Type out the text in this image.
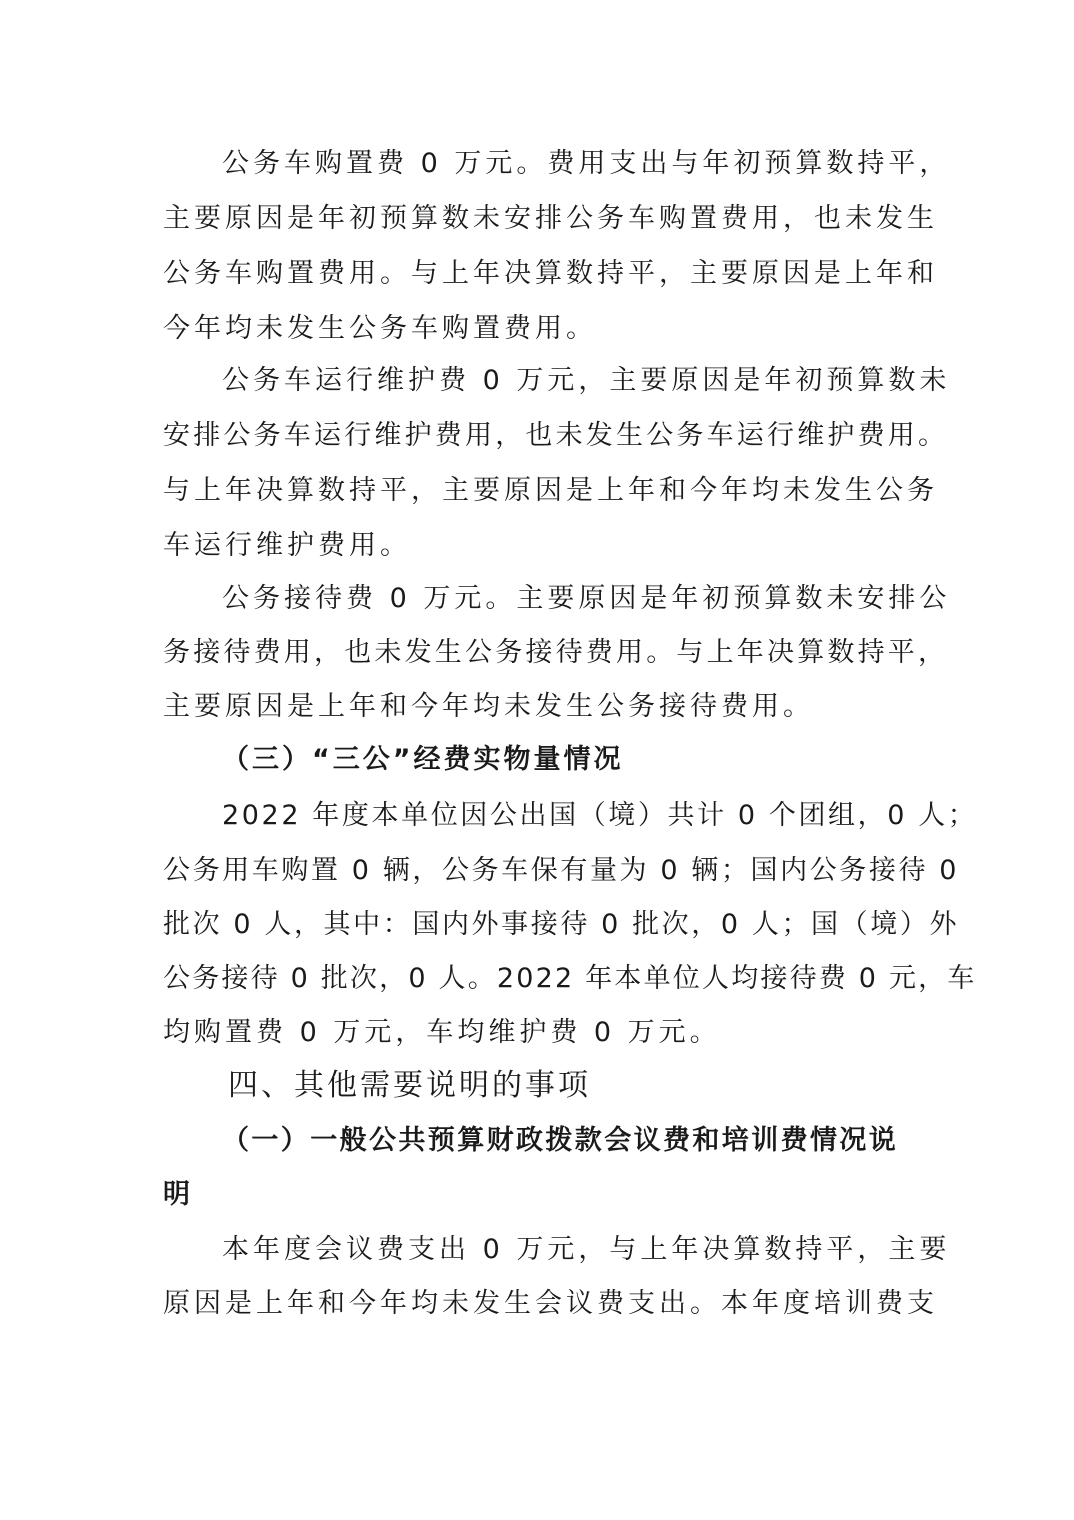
公务车购置费 0 万元。费用支出与年初预算数持平，
主要原因是年初预算数未安排公务车购置费用，也未发生
公务车购置费用。与上年决算数持平，主要原因是上年和
今年均未发生公务车购置费用。
公务车运行维护费 0 万元，主要原因是年初预算数未
安排公务车运行维护费用，也未发生公务车运行维护费用。
与上年决算数持平，主要原因是上年和今年均未发生公务
车运行维护费用。
公务接待费 0 万元。主要原因是年初预算数未安排公
务接待费用，也未发生公务接待费用。与上年决算数持平，
主要原因是上年和今年均未发生公务接待费用。
（三）“三公”经费实物量情况
2022 年度本单位因公出国（境）共计 0 个团组，0 人；
公务用车购置 0 辆，公务车保有量为 0 辆；国内公务接待 0
批次 0 人，其中：国内外事接待 0 批次，0 人；国（境）外
公务接待 0 批次，0 人。2022 年本单位人均接待费 0 元，车
均购置费 0 万元，车均维护费 0 万元。
四、其他需要说明的事项
（一）一般公共预算财政拨款会议费和培训费情况说
明
本年度会议费支出 0 万元，与上年决算数持平，主要
原因是上年和今年均未发生会议费支出。本年度培训费支
